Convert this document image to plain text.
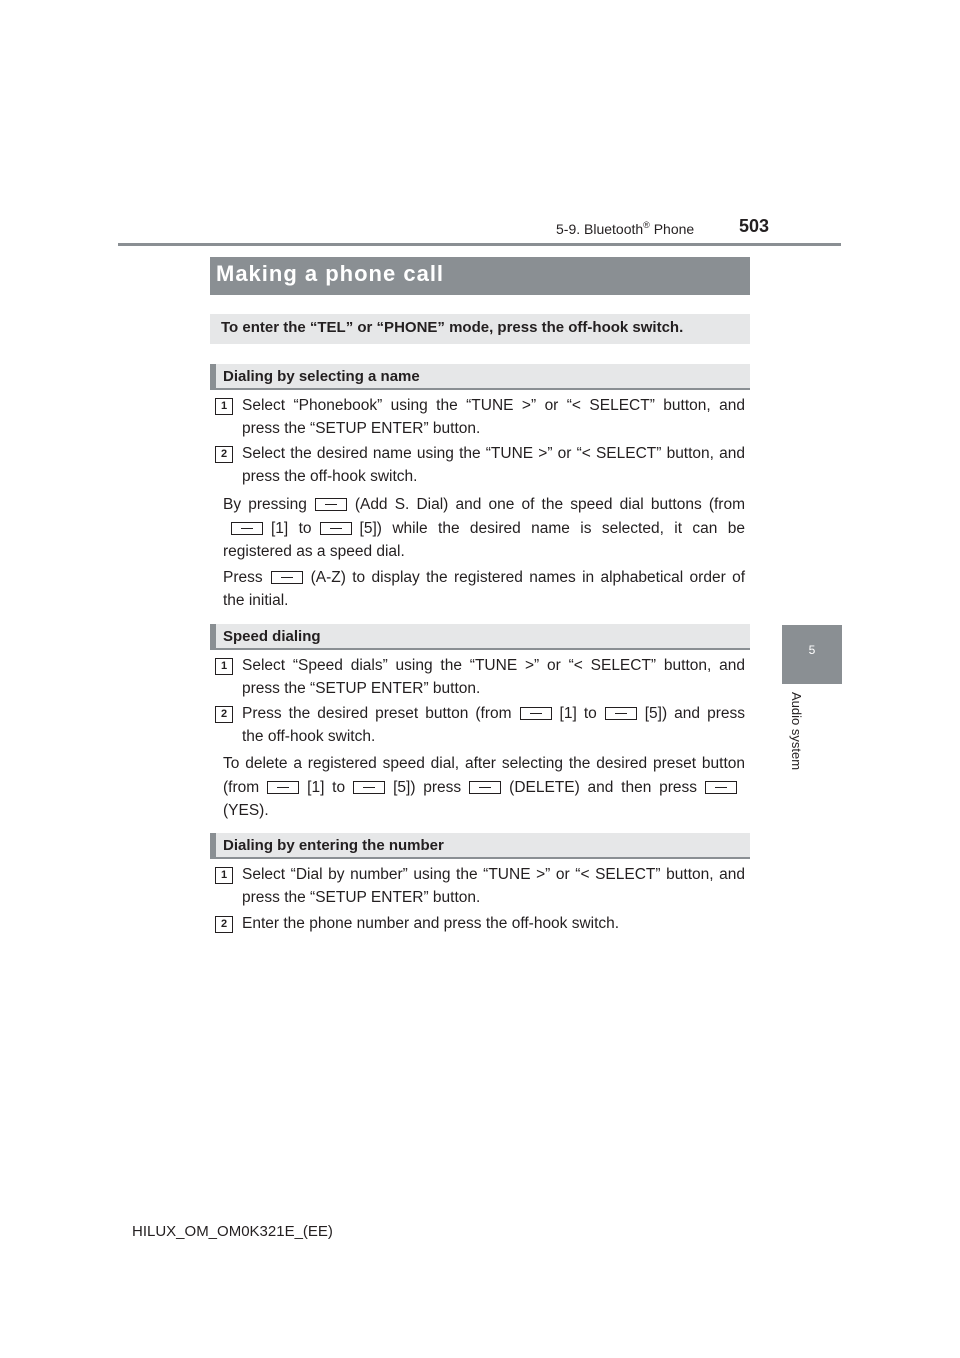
5-9. Bluetooth® Phone 503
5
Audio system
Making a phone call
To enter the “TEL” or “PHONE” mode, press the off-hook switch.
Dialing by selecting a name
1 Select “Phonebook” using the “TUNE >” or “< SELECT” button, and press the “SETUP ENTER” button.
2 Select the desired name using the “TUNE >” or “< SELECT” button, and press the off-hook switch.
By pressing	(Add S. Dial) and one of the speed dial buttons (from[1] to	[5]) while the desired name is selected, it can be registered as a speed dial.
Press	(A-Z) to display the registered names in alphabetical order of the initial.
Speed dialing
1 Select “Speed dials” using the “TUNE >” or “< SELECT” button, and press the “SETUP ENTER” button.
2 Press the desired preset button (from	[1] to	[5]) and press the off-hook switch.
To delete a registered speed dial, after selecting the desired preset button (from	[1] to	[5]) press	(DELETE) and then press(YES).
Dialing by entering the number
1 Select “Dial by number” using the “TUNE >” or “< SELECT” button, and press the “SETUP ENTER” button.
2 Enter the phone number and press the off-hook switch.
HILUX_OM_OM0K321E_(EE)
